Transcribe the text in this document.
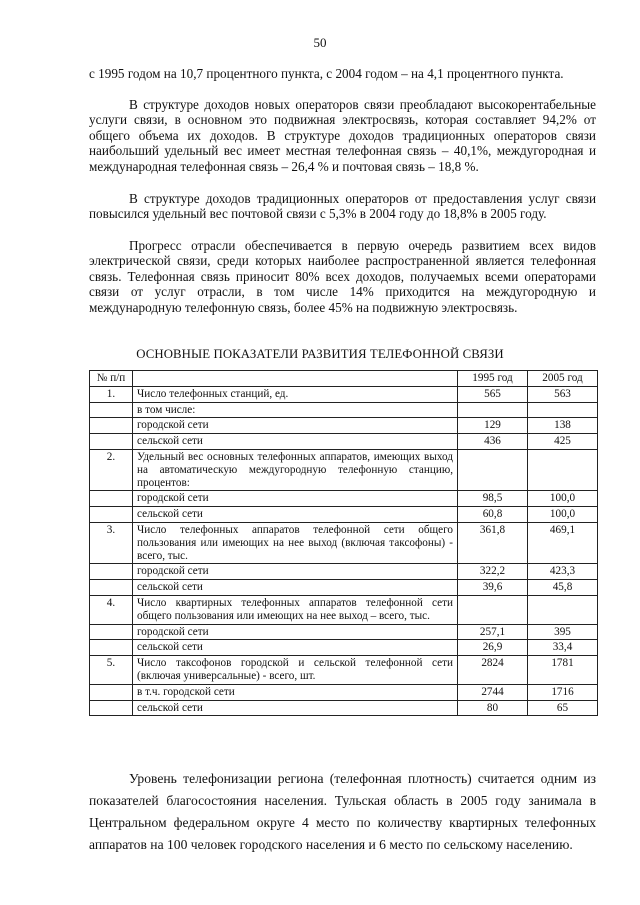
50

с 1995 годом на 10,7 процентного пункта, с 2004 годом – на 4,1 процентного пункта.

В структуре доходов новых операторов связи преобладают высокорентабельные услуги связи, в основном это подвижная электросвязь, которая составляет 94,2% от общего объема их доходов. В структуре доходов традиционных операторов связи наибольший удельный вес имеет местная телефонная связь – 40,1%, междугородная и международная телефонная связь – 26,4 % и почтовая связь – 18,8 %.

В структуре доходов традиционных операторов от предоставления услуг связи повысился удельный вес почтовой связи с 5,3% в 2004 году до 18,8% в 2005 году.

Прогресс отрасли обеспечивается в первую очередь развитием всех видов электрической связи, среди которых наиболее распространенной является телефонная связь. Телефонная связь приносит 80% всех доходов, получаемых всеми операторами связи от услуг отрасли, в том числе 14% приходится на междугородную и международную телефонную связь, более 45% на подвижную электросвязь.

ОСНОВНЫЕ ПОКАЗАТЕЛИ РАЗВИТИЯ ТЕЛЕФОННОЙ СВЯЗИ
№ п/п		1995 год	2005 год
1.	Число телефонных станций, ед.	565	563
	в том числе:		
	городской сети	129	138
	сельской сети	436	425
2.	Удельный вес основных телефонных аппаратов, имеющих выход на автоматическую междугородную телефонную станцию, процентов:		
	городской сети	98,5	100,0
	сельской сети	60,8	100,0
3.	Число телефонных аппаратов телефонной сети общего пользования или имеющих на нее выход (включая таксофоны) - всего, тыс.	361,8	469,1
	городской сети	322,2	423,3
	сельской сети	39,6	45,8
4.	Число квартирных телефонных аппаратов телефонной сети общего пользования или имеющих на нее выход – всего, тыс.		
	городской сети	257,1	395
	сельской сети	26,9	33,4
5.	Число таксофонов городской и сельской телефонной сети (включая универсальные) - всего, шт.	2824	1781
	в т.ч. городской сети	2744	1716
	сельской сети	80	65

Уровень телефонизации региона (телефонная плотность) считается одним из показателей благосостояния населения. Тульская область в 2005 году занимала в Центральном федеральном округе 4 место по количеству квартирных телефонных аппаратов на 100 человек городского населения и 6 место по сельскому населению.
